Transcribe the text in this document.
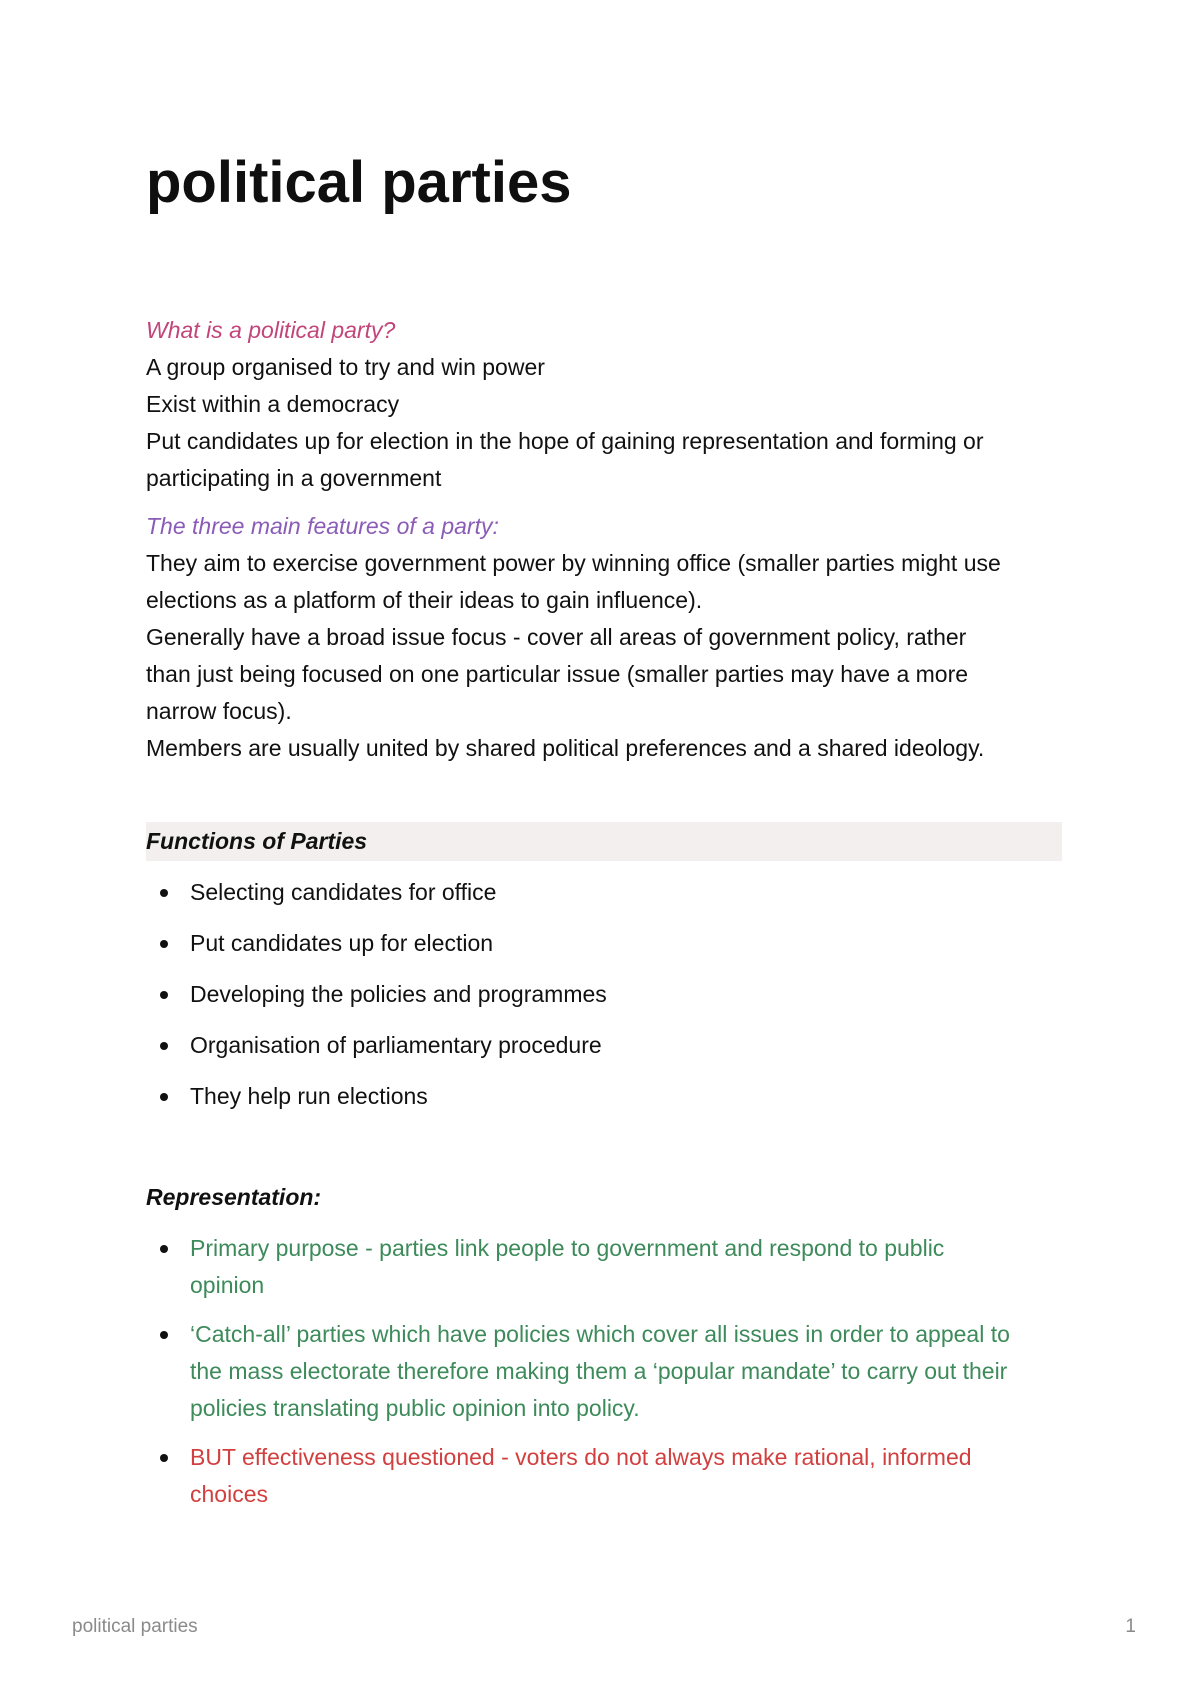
political parties

What is a political party?

A group organised to try and win power

Exist within a democracy

Put candidates up for election in the hope of gaining representation and forming or

participating in a government

The three main features of a party:

They aim to exercise government power by winning office (smaller parties might use

elections as a platform of their ideas to gain influence).

Generally have a broad issue focus - cover all areas of government policy, rather

than just being focused on one particular issue (smaller parties may have a more

narrow focus).

Members are usually united by shared political preferences and a shared ideology.

Functions of Parties
Selecting candidates for office
Put candidates up for election
Developing the policies and programmes
Organisation of parliamentary procedure
They help run elections
Representation:
Primary purpose - parties link people to government and respond to public
opinion
‘Catch-all’ parties which have policies which cover all issues in order to appeal to
the mass electorate therefore making them a ‘popular mandate’ to carry out their
policies translating public opinion into policy.
BUT effectiveness questioned - voters do not always make rational, informed
choices
political parties	1
